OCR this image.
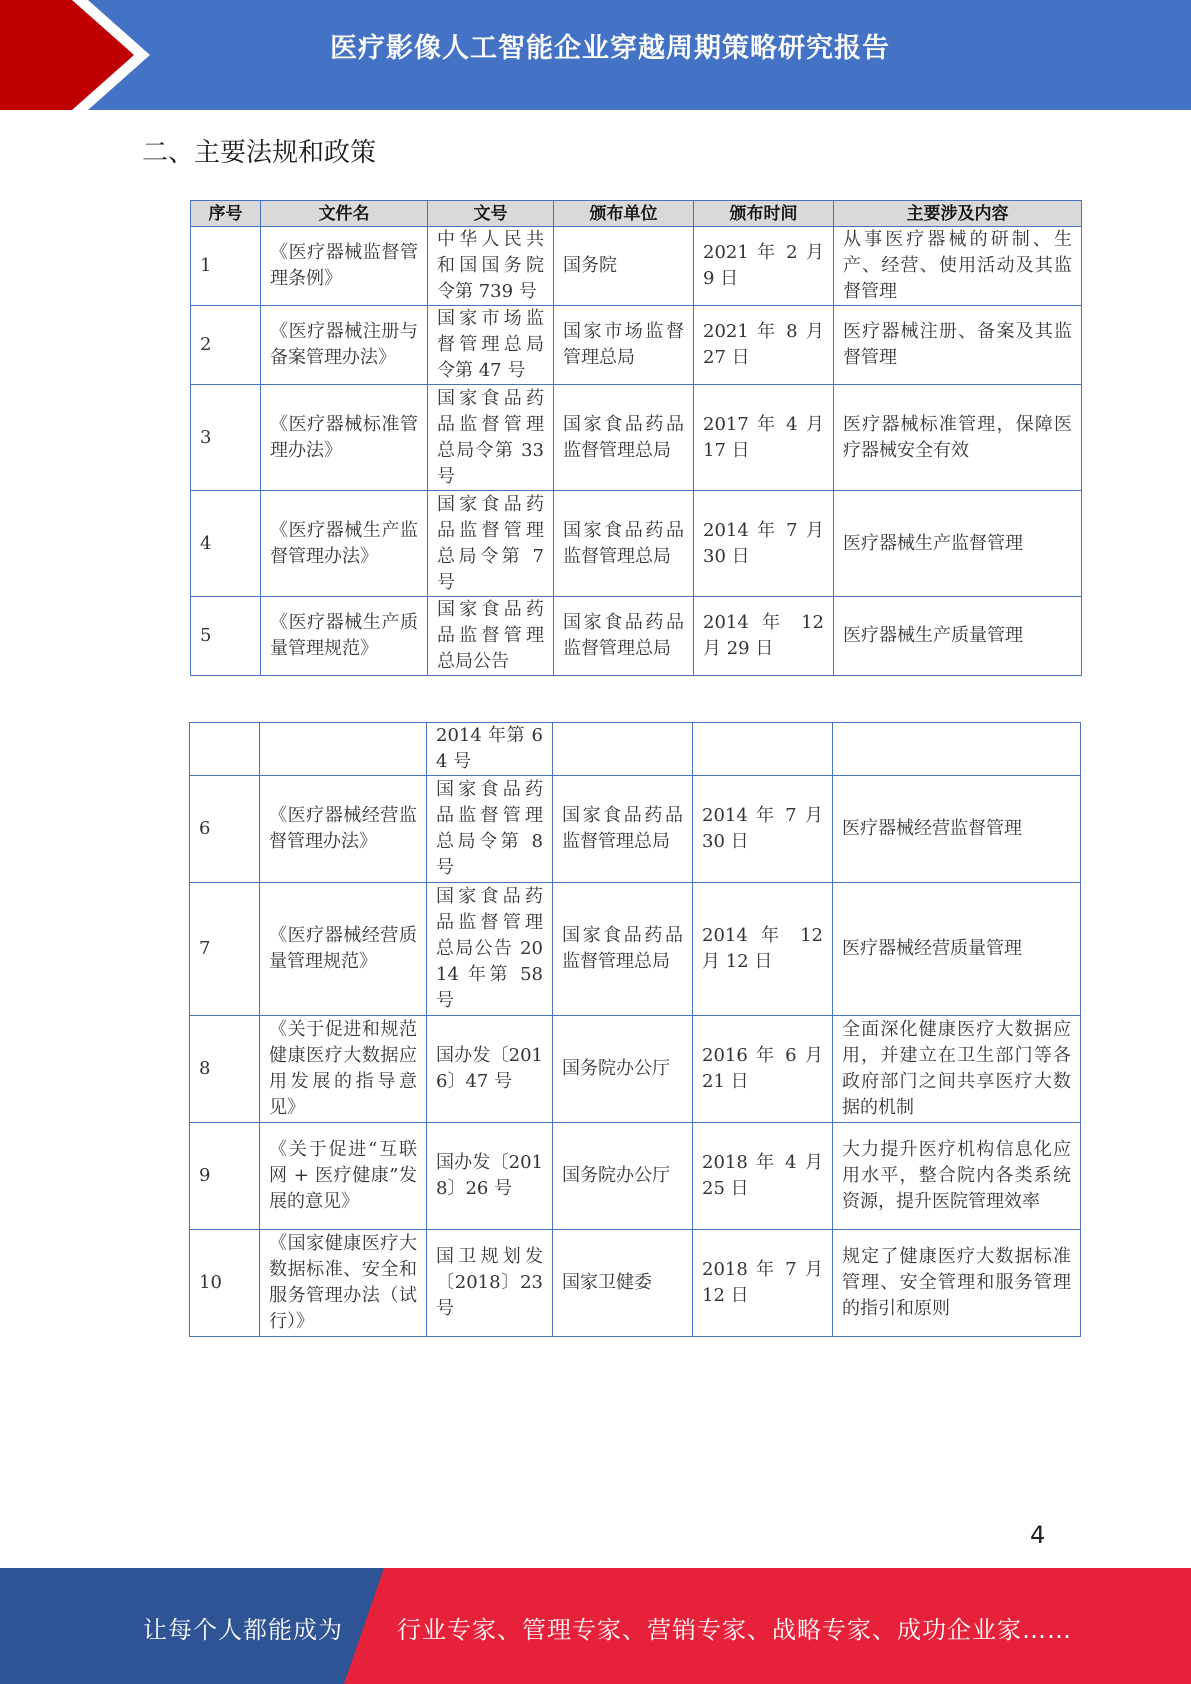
医疗影像人工智能企业穿越周期策略研究报告
二、主要法规和政策
序号	文件名	文号	颁布单位	颁布时间	主要涉及内容
1	《医疗器械监督管理条例》	中华人民共和国国务院令第 739 号	国务院	2021 年 2 月 9 日	从事医疗器械的研制、生产、经营、使用活动及其监督管理
2	《医疗器械注册与备案管理办法》	国家市场监督管理总局令第 47 号	国家市场监督管理总局	2021 年 8 月 27 日	医疗器械注册、备案及其监督管理
3	《医疗器械标准管理办法》	国家食品药品监督管理总局令第 33 号	国家食品药品监督管理总局	2017 年 4 月 17 日	医疗器械标准管理，保障医疗器械安全有效
4	《医疗器械生产监督管理办法》	国家食品药品监督管理总局令第 7 号	国家食品药品监督管理总局	2014 年 7 月 30 日	医疗器械生产监督管理
5	《医疗器械生产质量管理规范》	国家食品药品监督管理总局公告	国家食品药品监督管理总局	2014 年 12 月 29 日	医疗器械生产质量管理
		2014 年第 64 号			
6	《医疗器械经营监督管理办法》	国家食品药品监督管理总局令第 8 号	国家食品药品监督管理总局	2014 年 7 月 30 日	医疗器械经营监督管理
7	《医疗器械经营质量管理规范》	国家食品药品监督管理总局公告 2014 年第 58 号	国家食品药品监督管理总局	2014 年 12 月 12 日	医疗器械经营质量管理
8	《关于促进和规范健康医疗大数据应用发展的指导意见》	国办发〔2016〕47 号	国务院办公厅	2016 年 6 月 21 日	全面深化健康医疗大数据应用，并建立在卫生部门等各政府部门之间共享医疗大数据的机制
9	《关于促进“互联网 + 医疗健康”发展的意见》	国办发〔2018〕26 号	国务院办公厅	2018 年 4 月 25 日	大力提升医疗机构信息化应用水平，整合院内各类系统资源，提升医院管理效率
10	《国家健康医疗大数据标准、安全和服务管理办法（试行）》	国卫规划发〔2018〕23 号	国家卫健委	2018 年 7 月 12 日	规定了健康医疗大数据标准管理、安全管理和服务管理的指引和原则
4
让每个人都能成为 行业专家、管理专家、营销专家、战略专家、成功企业家……
